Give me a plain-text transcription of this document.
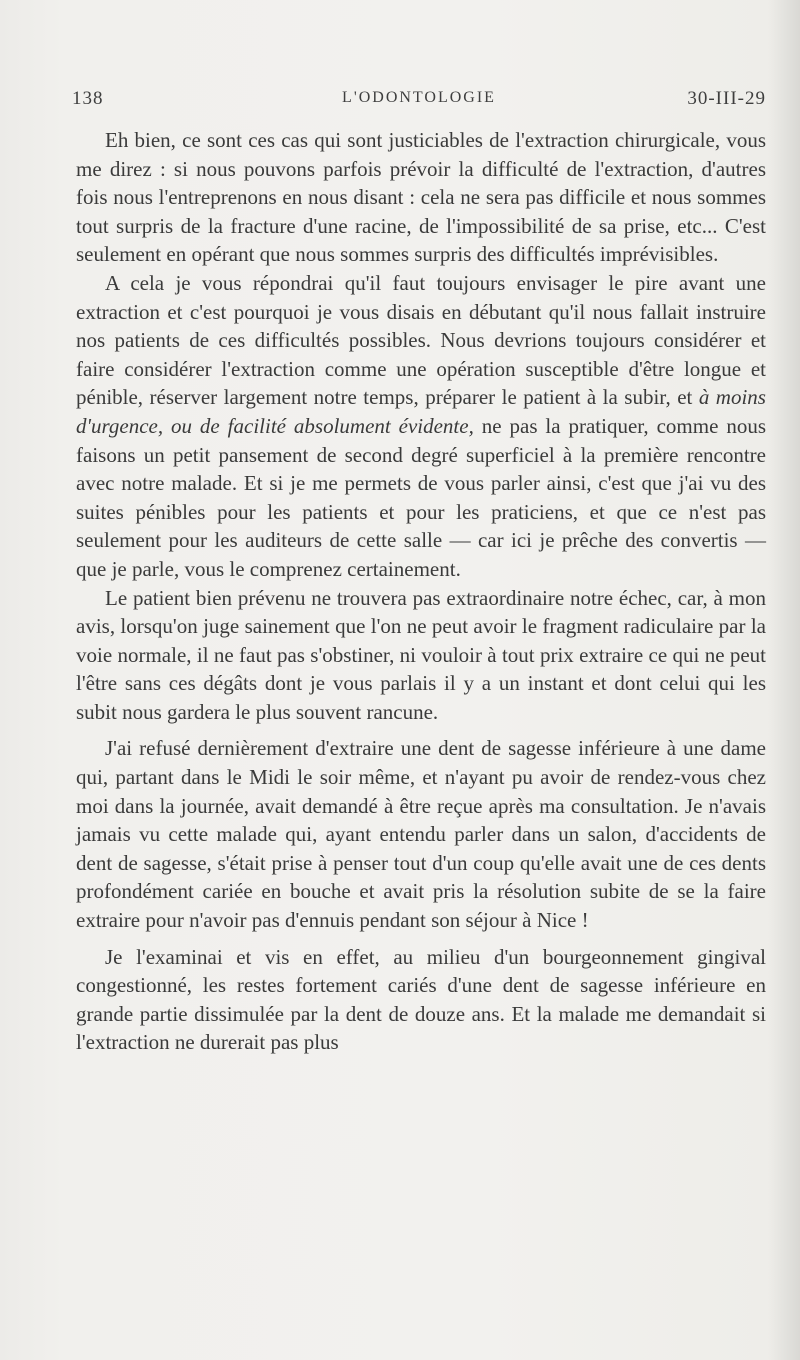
138	L'ODONTOLOGIE	30-III-29

Eh bien, ce sont ces cas qui sont justiciables de l'extraction chirurgicale, vous me direz : si nous pouvons parfois prévoir la difficulté de l'extraction, d'autres fois nous l'entreprenons en nous disant : cela ne sera pas difficile et nous sommes tout surpris de la fracture d'une racine, de l'impossibilité de sa prise, etc... C'est seulement en opérant que nous sommes surpris des difficultés imprévisibles.

A cela je vous répondrai qu'il faut toujours envisager le pire avant une extraction et c'est pourquoi je vous disais en débutant qu'il nous fallait instruire nos patients de ces difficultés possibles. Nous devrions toujours considérer et faire considérer l'extraction comme une opération susceptible d'être longue et pénible, réserver largement notre temps, préparer le patient à la subir, et à moins d'urgence, ou de facilité absolument évidente, ne pas la pratiquer, comme nous faisons un petit pansement de second degré superficiel à la première rencontre avec notre malade. Et si je me permets de vous parler ainsi, c'est que j'ai vu des suites pénibles pour les patients et pour les praticiens, et que ce n'est pas seulement pour les auditeurs de cette salle — car ici je prêche des convertis — que je parle, vous le comprenez certainement.

Le patient bien prévenu ne trouvera pas extraordinaire notre échec, car, à mon avis, lorsqu'on juge sainement que l'on ne peut avoir le fragment radiculaire par la voie normale, il ne faut pas s'obstiner, ni vouloir à tout prix extraire ce qui ne peut l'être sans ces dégâts dont je vous parlais il y a un instant et dont celui qui les subit nous gardera le plus souvent rancune.

J'ai refusé dernièrement d'extraire une dent de sagesse inférieure à une dame qui, partant dans le Midi le soir même, et n'ayant pu avoir de rendez-vous chez moi dans la journée, avait demandé à être reçue après ma consultation. Je n'avais jamais vu cette malade qui, ayant entendu parler dans un salon, d'accidents de dent de sagesse, s'était prise à penser tout d'un coup qu'elle avait une de ces dents profondément cariée en bouche et avait pris la résolution subite de se la faire extraire pour n'avoir pas d'ennuis pendant son séjour à Nice !

Je l'examinai et vis en effet, au milieu d'un bourgeonnement gingival congestionné, les restes fortement cariés d'une dent de sagesse inférieure en grande partie dissimulée par la dent de douze ans. Et la malade me demandait si l'extraction ne durerait pas plus
